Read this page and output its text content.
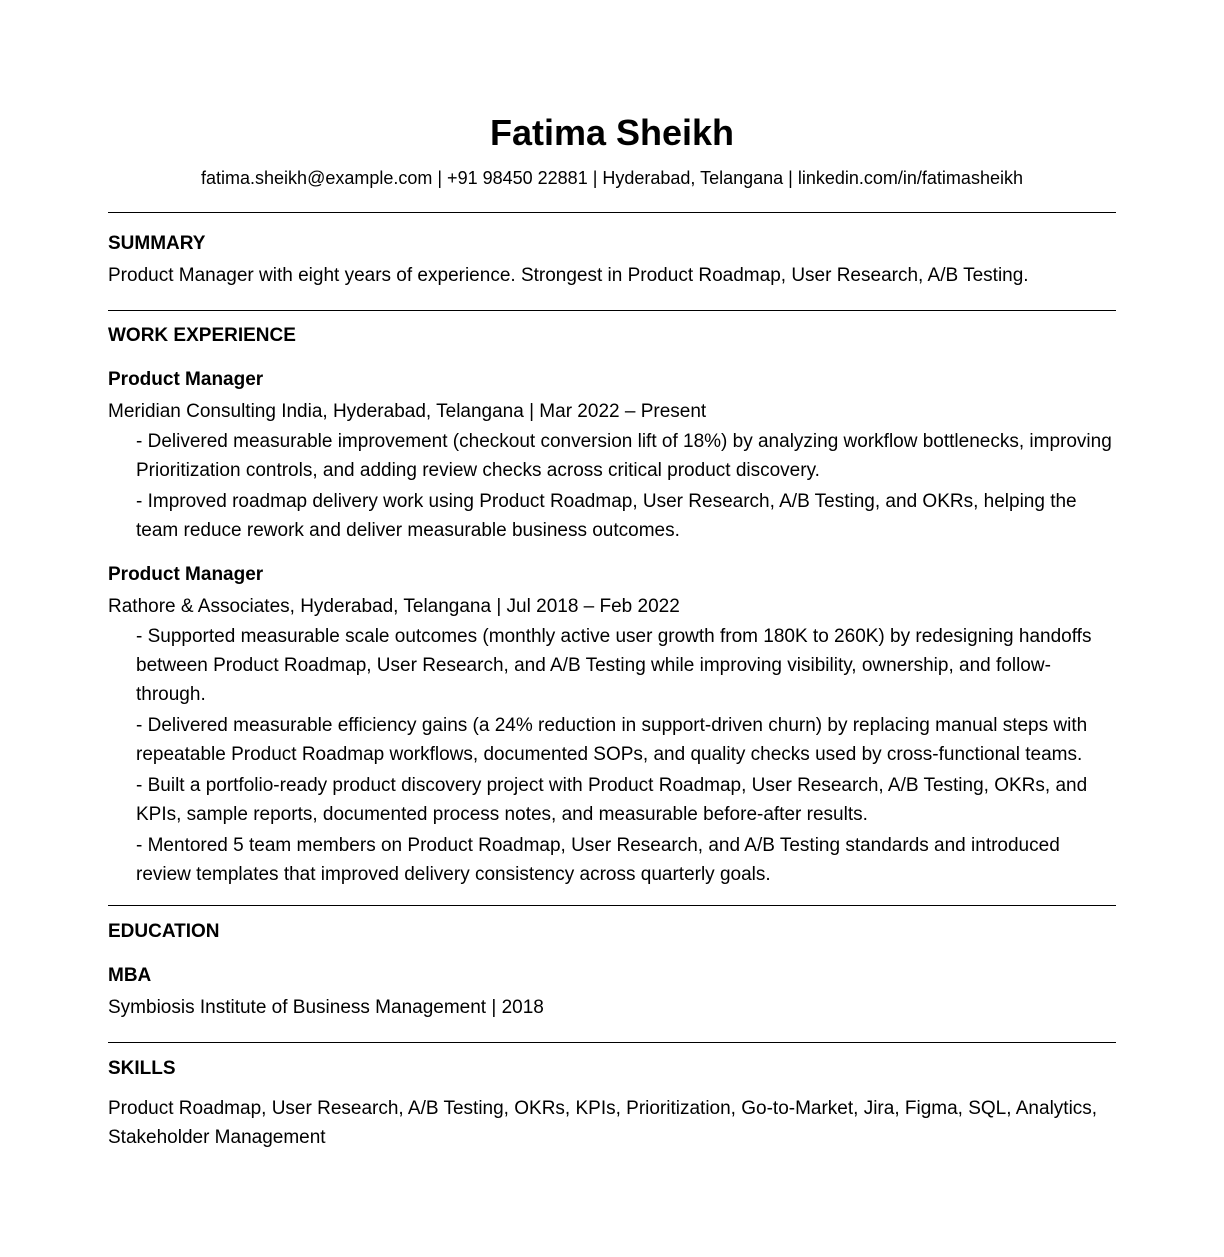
Fatima Sheikh
fatima.sheikh@example.com | +91 98450 22881 | Hyderabad, Telangana | linkedin.com/in/fatimasheikh
SUMMARY

Product Manager with eight years of experience. Strongest in Product Roadmap, User Research, A/B Testing.

WORK EXPERIENCE
Product Manager
Meridian Consulting India, Hyderabad, Telangana | Mar 2022 – Present
- Delivered measurable improvement (checkout conversion lift of 18%) by analyzing workflow bottlenecks, improving Prioritization controls, and adding review checks across critical product discovery.
- Improved roadmap delivery work using Product Roadmap, User Research, A/B Testing, and OKRs, helping the team reduce rework and deliver measurable business outcomes.
Product Manager
Rathore & Associates, Hyderabad, Telangana | Jul 2018 – Feb 2022
- Supported measurable scale outcomes (monthly active user growth from 180K to 260K) by redesigning handoffs between Product Roadmap, User Research, and A/B Testing while improving visibility, ownership, and follow-through.
- Delivered measurable efficiency gains (a 24% reduction in support-driven churn) by replacing manual steps with repeatable Product Roadmap workflows, documented SOPs, and quality checks used by cross-functional teams.
- Built a portfolio-ready product discovery project with Product Roadmap, User Research, A/B Testing, OKRs, and KPIs, sample reports, documented process notes, and measurable before-after results.
- Mentored 5 team members on Product Roadmap, User Research, and A/B Testing standards and introduced review templates that improved delivery consistency across quarterly goals.
EDUCATION
MBA
Symbiosis Institute of Business Management | 2018
SKILLS

Product Roadmap, User Research, A/B Testing, OKRs, KPIs, Prioritization, Go-to-Market, Jira, Figma, SQL, Analytics, Stakeholder Management
